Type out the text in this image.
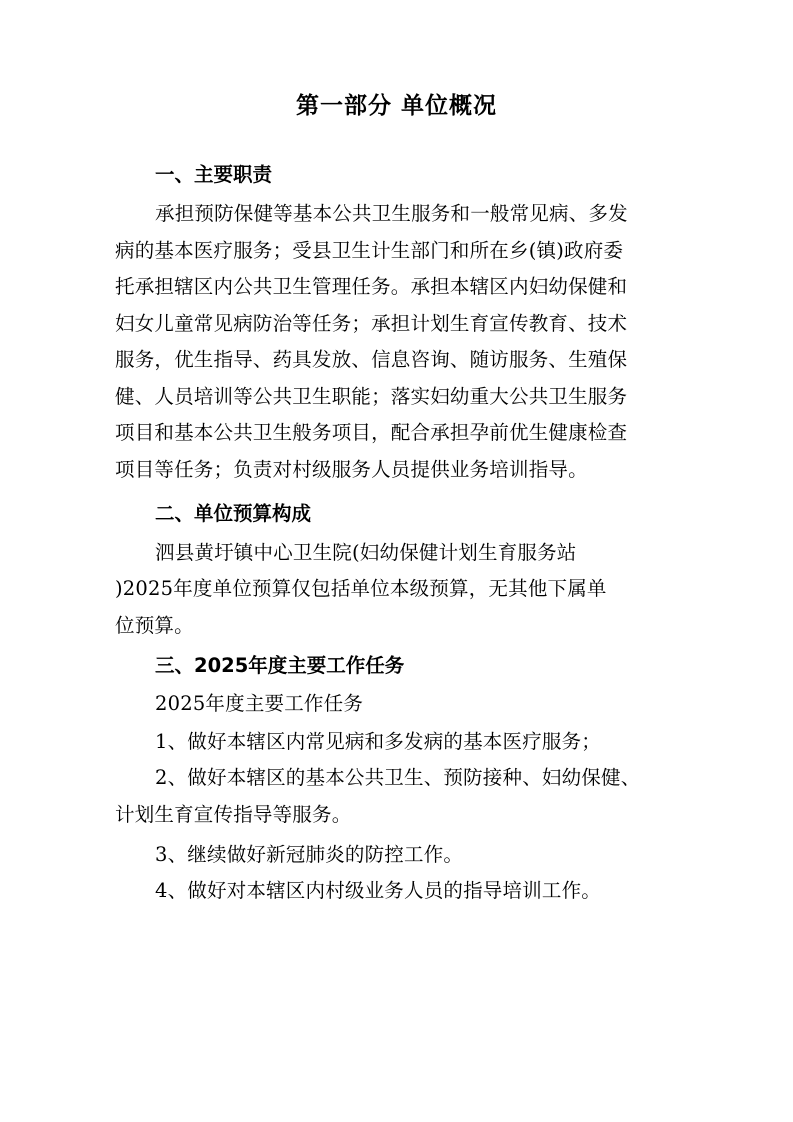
第一部分 单位概况
一、主要职责
承担预防保健等基本公共卫生服务和一般常见病、多发
病的基本医疗服务；受县卫生计生部门和所在乡(镇)政府委
托承担辖区内公共卫生管理任务。承担本辖区内妇幼保健和
妇女儿童常见病防治等任务；承担计划生育宣传教育、技术
服务，优生指导、药具发放、信息咨询、随访服务、生殖保
健、人员培训等公共卫生职能；落实妇幼重大公共卫生服务
项目和基本公共卫生般务项目，配合承担孕前优生健康检查
项目等任务；负责对村级服务人员提供业务培训指导。
二、单位预算构成
泗县黄圩镇中心卫生院(妇幼保健计划生育服务站
)2025年度单位预算仅包括单位本级预算，无其他下属单
位预算。
三、2025年度主要工作任务
2025年度主要工作任务
1、做好本辖区内常见病和多发病的基本医疗服务；
2、做好本辖区的基本公共卫生、预防接种、妇幼保健、
计划生育宣传指导等服务。
3、继续做好新冠肺炎的防控工作。
4、做好对本辖区内村级业务人员的指导培训工作。
